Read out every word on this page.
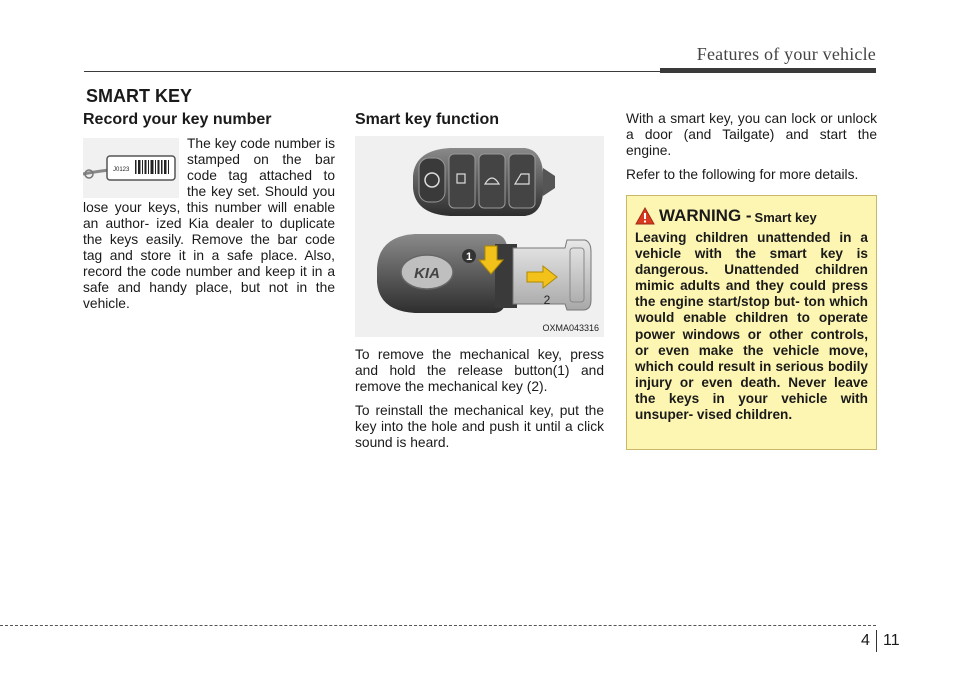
Features of your vehicle
SMART KEY
Record your key number
J0123

The key code number is stamped on the bar code tag attached to the key set. Should you lose your keys, this number will enable an author- ized Kia dealer to duplicate the keys easily. Remove the bar code tag and store it in a safe place. Also, record the code number and keep it in a safe and handy place, but not in the vehicle.

Smart key function
KIA
1
2
OXMA043316

To remove the mechanical key, press and hold the release button(1) and remove the mechanical key (2).

To reinstall the mechanical key, put the key into the hole and push it until a click sound is heard.

With a smart key, you can lock or unlock a door (and Tailgate) and start the engine.

Refer to the following for more details.

WARNING - Smart key

Leaving children unattended in a vehicle with the smart key is dangerous. Unattended children mimic adults and they could press the engine start/stop but- ton which would enable children to operate power windows or other controls, or even make the vehicle move, which could result in serious bodily injury or even death. Never leave the keys in your vehicle with unsuper- vised children.

4 11
